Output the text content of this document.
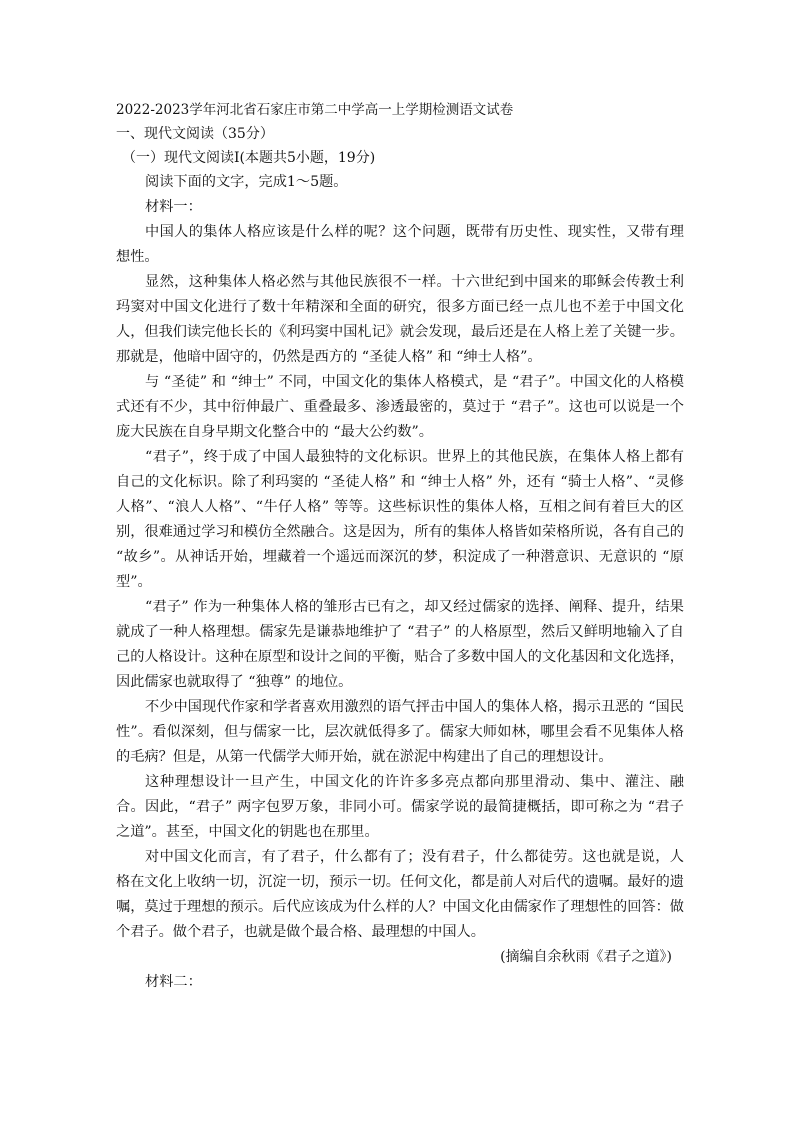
2022-2023学年河北省石家庄市第二中学高一上学期检测语文试卷

一、现代文阅读（35分）

（一）现代文阅读Ⅰ(本题共5小题，19分)

阅读下面的文字，完成1～5题。

材料一：

中国人的集体人格应该是什么样的呢？这个问题，既带有历史性、现实性，又带有理想性。

显然，这种集体人格必然与其他民族很不一样。十六世纪到中国来的耶稣会传教士利玛窦对中国文化进行了数十年精深和全面的研究，很多方面已经一点儿也不差于中国文化人，但我们读完他长长的《利玛窦中国札记》就会发现，最后还是在人格上差了关键一步。那就是，他暗中固守的，仍然是西方的 “圣徒人格” 和 “绅士人格”。

与 “圣徒” 和 “绅士” 不同，中国文化的集体人格模式，是 “君子”。中国文化的人格模式还有不少，其中衍伸最广、重叠最多、渗透最密的，莫过于 “君子”。这也可以说是一个庞大民族在自身早期文化整合中的 “最大公约数”。

“君子”，终于成了中国人最独特的文化标识。世界上的其他民族，在集体人格上都有自己的文化标识。除了利玛窦的 “圣徒人格” 和 “绅士人格” 外，还有 “骑士人格”、“灵修人格”、“浪人人格”、“牛仔人格” 等等。这些标识性的集体人格，互相之间有着巨大的区别，很难通过学习和模仿全然融合。这是因为，所有的集体人格皆如荣格所说，各有自己的 “故乡”。从神话开始，埋藏着一个遥远而深沉的梦，积淀成了一种潜意识、无意识的 “原型”。

“君子” 作为一种集体人格的雏形古已有之，却又经过儒家的选择、阐释、提升，结果就成了一种人格理想。儒家先是谦恭地维护了 “君子” 的人格原型，然后又鲜明地输入了自己的人格设计。这种在原型和设计之间的平衡，贴合了多数中国人的文化基因和文化选择，因此儒家也就取得了 “独尊” 的地位。

不少中国现代作家和学者喜欢用激烈的语气抨击中国人的集体人格，揭示丑恶的 “国民性”。看似深刻，但与儒家一比，层次就低得多了。儒家大师如林，哪里会看不见集体人格的毛病？但是，从第一代儒学大师开始，就在淤泥中构建出了自己的理想设计。

这种理想设计一旦产生，中国文化的许许多多亮点都向那里滑动、集中、灌注、融合。因此，“君子” 两字包罗万象，非同小可。儒家学说的最简捷概括，即可称之为 “君子之道”。甚至，中国文化的钥匙也在那里。

对中国文化而言，有了君子，什么都有了；没有君子，什么都徒劳。这也就是说，人格在文化上收纳一切，沉淀一切，预示一切。任何文化，都是前人对后代的遗嘱。最好的遗嘱，莫过于理想的预示。后代应该成为什么样的人？中国文化由儒家作了理想性的回答：做个君子。做个君子，也就是做个最合格、最理想的中国人。

(摘编自余秋雨《君子之道》)

材料二：
